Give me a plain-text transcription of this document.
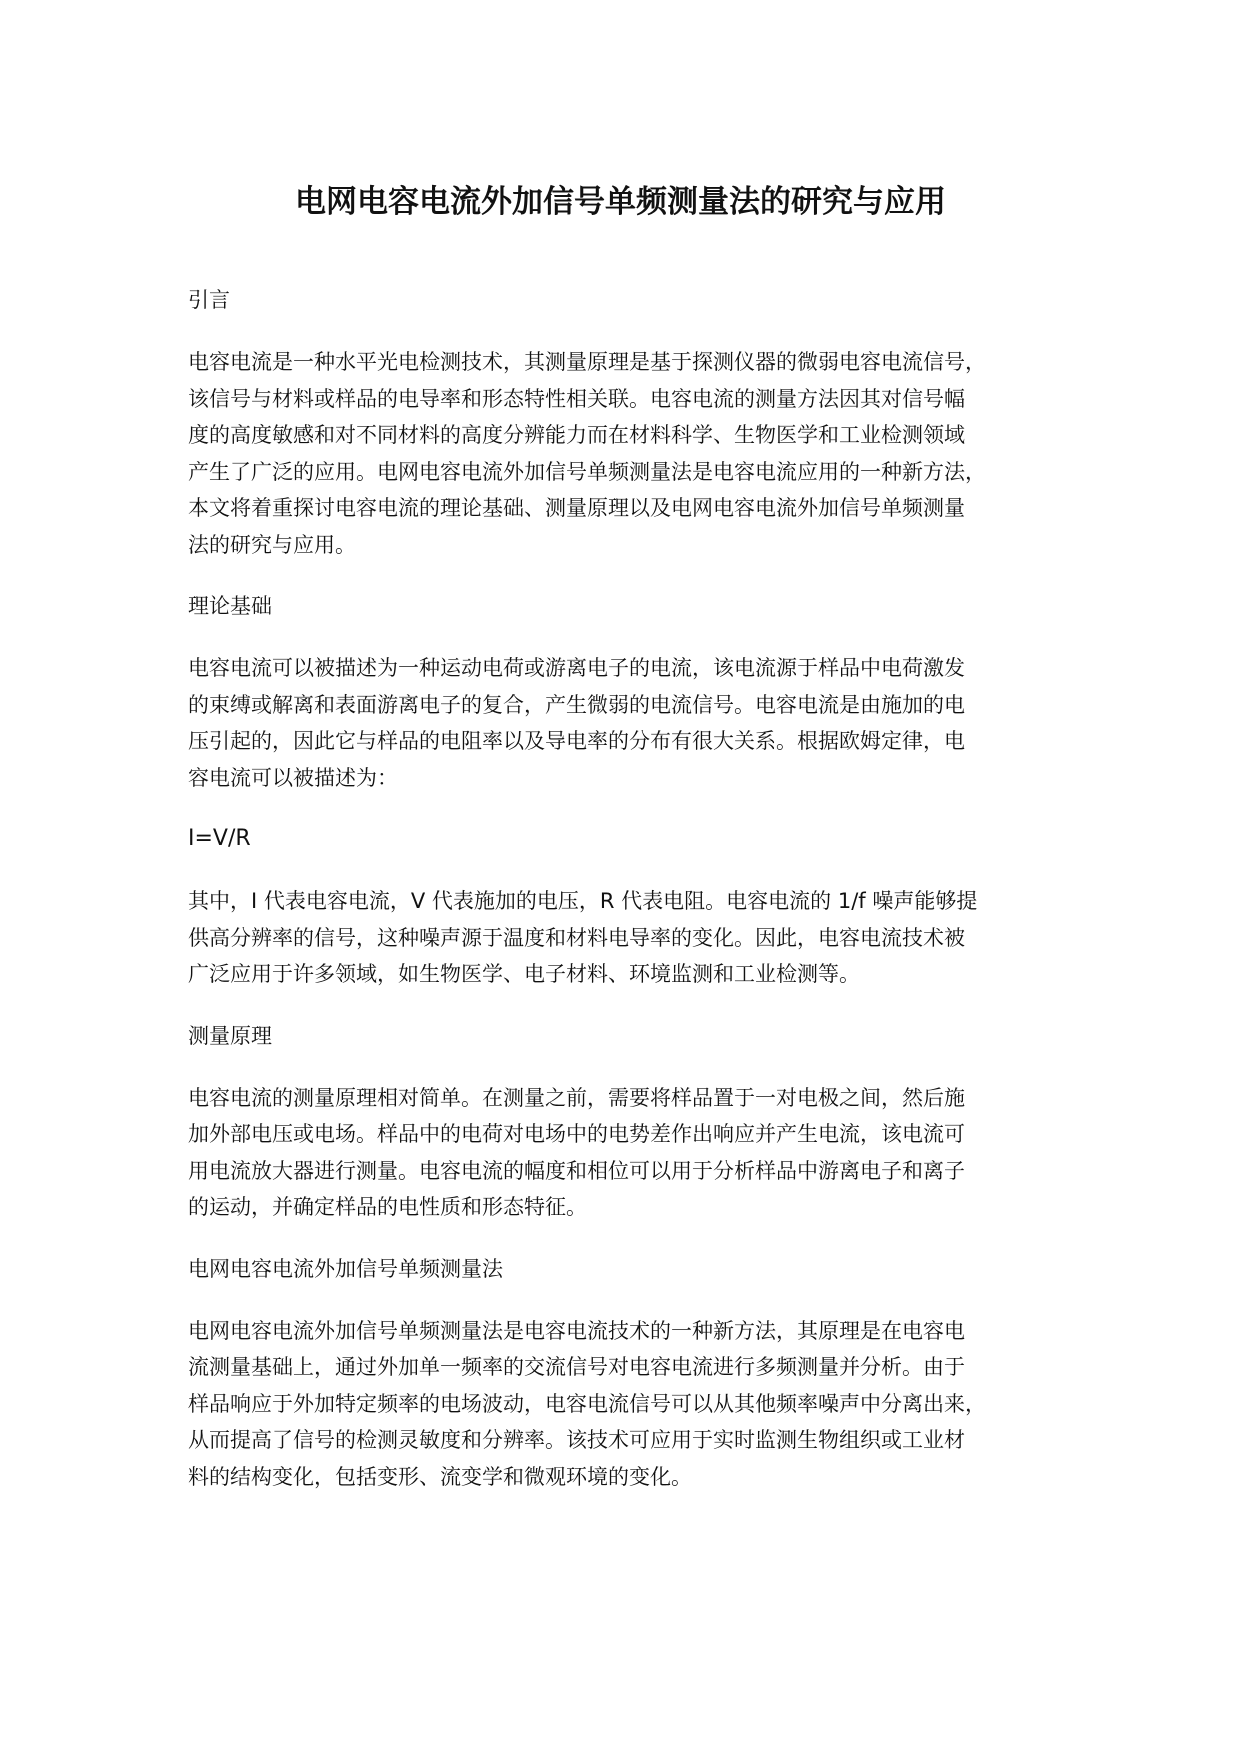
电网电容电流外加信号单频测量法的研究与应用
引言
电容电流是一种水平光电检测技术，其测量原理是基于探测仪器的微弱电容电流信号，
该信号与材料或样品的电导率和形态特性相关联。电容电流的测量方法因其对信号幅
度的高度敏感和对不同材料的高度分辨能力而在材料科学、生物医学和工业检测领域
产生了广泛的应用。电网电容电流外加信号单频测量法是电容电流应用的一种新方法，
本文将着重探讨电容电流的理论基础、测量原理以及电网电容电流外加信号单频测量
法的研究与应用。
理论基础
电容电流可以被描述为一种运动电荷或游离电子的电流，该电流源于样品中电荷激发
的束缚或解离和表面游离电子的复合，产生微弱的电流信号。电容电流是由施加的电
压引起的，因此它与样品的电阻率以及导电率的分布有很大关系。根据欧姆定律，电
容电流可以被描述为：
I=V/R
其中，I 代表电容电流，V 代表施加的电压，R 代表电阻。电容电流的 1/f 噪声能够提
供高分辨率的信号，这种噪声源于温度和材料电导率的变化。因此，电容电流技术被
广泛应用于许多领域，如生物医学、电子材料、环境监测和工业检测等。
测量原理
电容电流的测量原理相对简单。在测量之前，需要将样品置于一对电极之间，然后施
加外部电压或电场。样品中的电荷对电场中的电势差作出响应并产生电流，该电流可
用电流放大器进行测量。电容电流的幅度和相位可以用于分析样品中游离电子和离子
的运动，并确定样品的电性质和形态特征。
电网电容电流外加信号单频测量法
电网电容电流外加信号单频测量法是电容电流技术的一种新方法，其原理是在电容电
流测量基础上，通过外加单一频率的交流信号对电容电流进行多频测量并分析。由于
样品响应于外加特定频率的电场波动，电容电流信号可以从其他频率噪声中分离出来，
从而提高了信号的检测灵敏度和分辨率。该技术可应用于实时监测生物组织或工业材
料的结构变化，包括变形、流变学和微观环境的变化。
